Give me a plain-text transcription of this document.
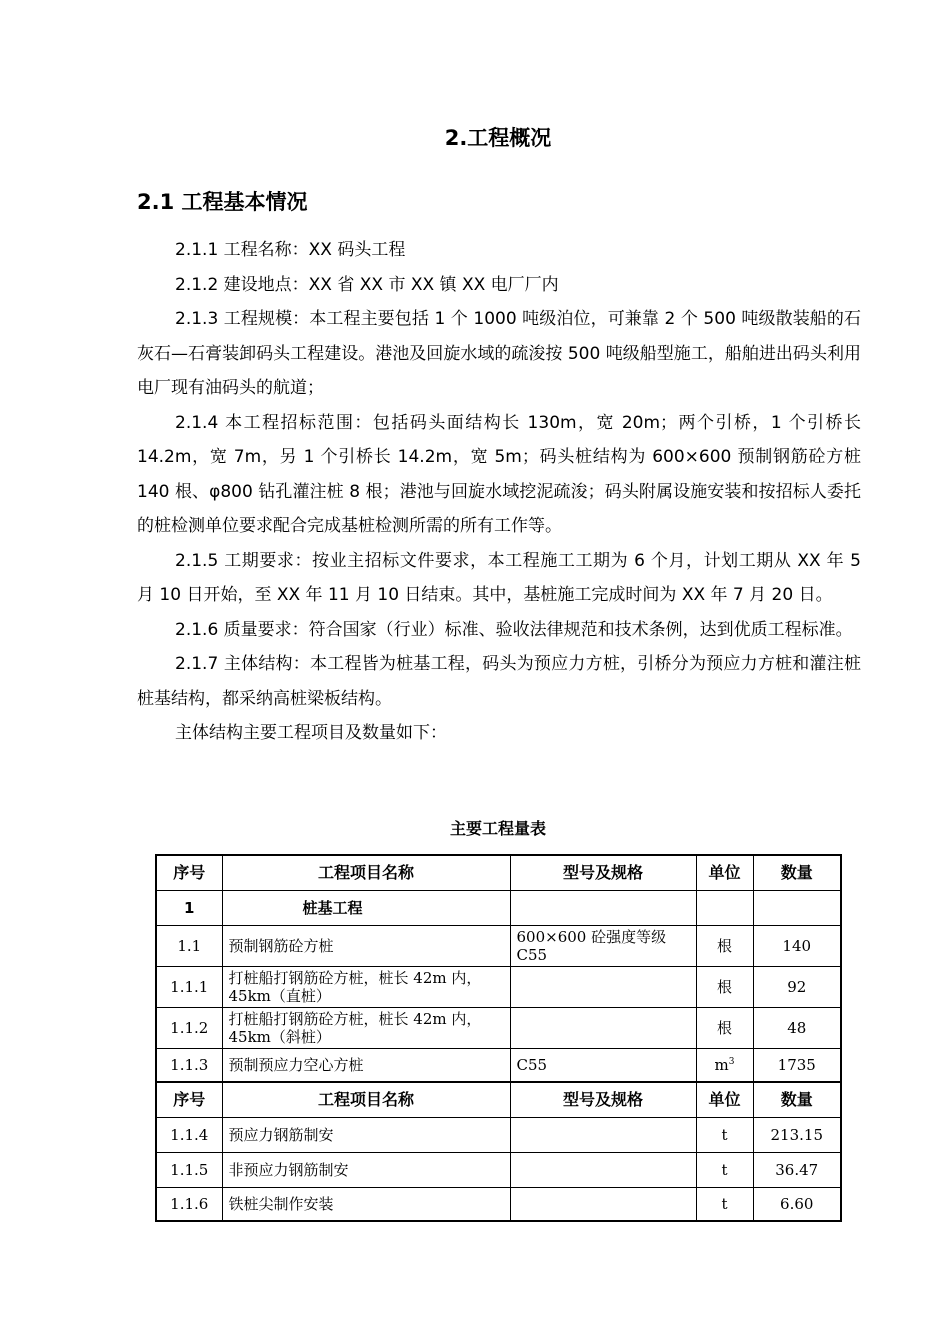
2.工程概况
2.1 工程基本情况

2.1.1 工程名称：XX 码头工程

2.1.2 建设地点：XX 省 XX 市 XX 镇 XX 电厂厂内

2.1.3 工程规模：本工程主要包括 1 个 1000 吨级泊位，可兼靠 2 个 500 吨级散装船的石灰石—石膏装卸码头工程建设。港池及回旋水域的疏浚按 500 吨级船型施工，船舶进出码头利用电厂现有油码头的航道；

2.1.4 本工程招标范围：包括码头面结构长 130m，宽 20m；两个引桥，1 个引桥长 14.2m，宽 7m，另 1 个引桥长 14.2m，宽 5m；码头桩结构为 600×600 预制钢筋砼方桩 140 根、φ800 钻孔灌注桩 8 根；港池与回旋水域挖泥疏浚；码头附属设施安装和按招标人委托的桩检测单位要求配合完成基桩检测所需的所有工作等。

2.1.5 工期要求：按业主招标文件要求，本工程施工工期为 6 个月，计划工期从 XX 年 5 月 10 日开始，至 XX 年 11 月 10 日结束。其中，基桩施工完成时间为 XX 年 7 月 20 日。

2.1.6 质量要求：符合国家（行业）标准、验收法律规范和技术条例，达到优质工程标准。

2.1.7 主体结构：本工程皆为桩基工程，码头为预应力方桩，引桥分为预应力方桩和灌注桩桩基结构，都采纳高桩梁板结构。

主体结构主要工程项目及数量如下：

主要工程量表
序号	工程项目名称	型号及规格	单位	数量
1	桩基工程			
1.1	预制钢筋砼方桩	600×600 砼强度等级 C55	根	140
1.1.1	打桩船打钢筋砼方桩，桩长 42m 内，45km（直桩）		根	92
1.1.2	打桩船打钢筋砼方桩，桩长 42m 内，45km（斜桩）		根	48
1.1.3	预制预应力空心方桩	C55	$m^3$	1735
序号	工程项目名称	型号及规格	单位	数量
1.1.4	预应力钢筋制安		t	213.15
1.1.5	非预应力钢筋制安		t	36.47
1.1.6	铁桩尖制作安装		t	6.60
